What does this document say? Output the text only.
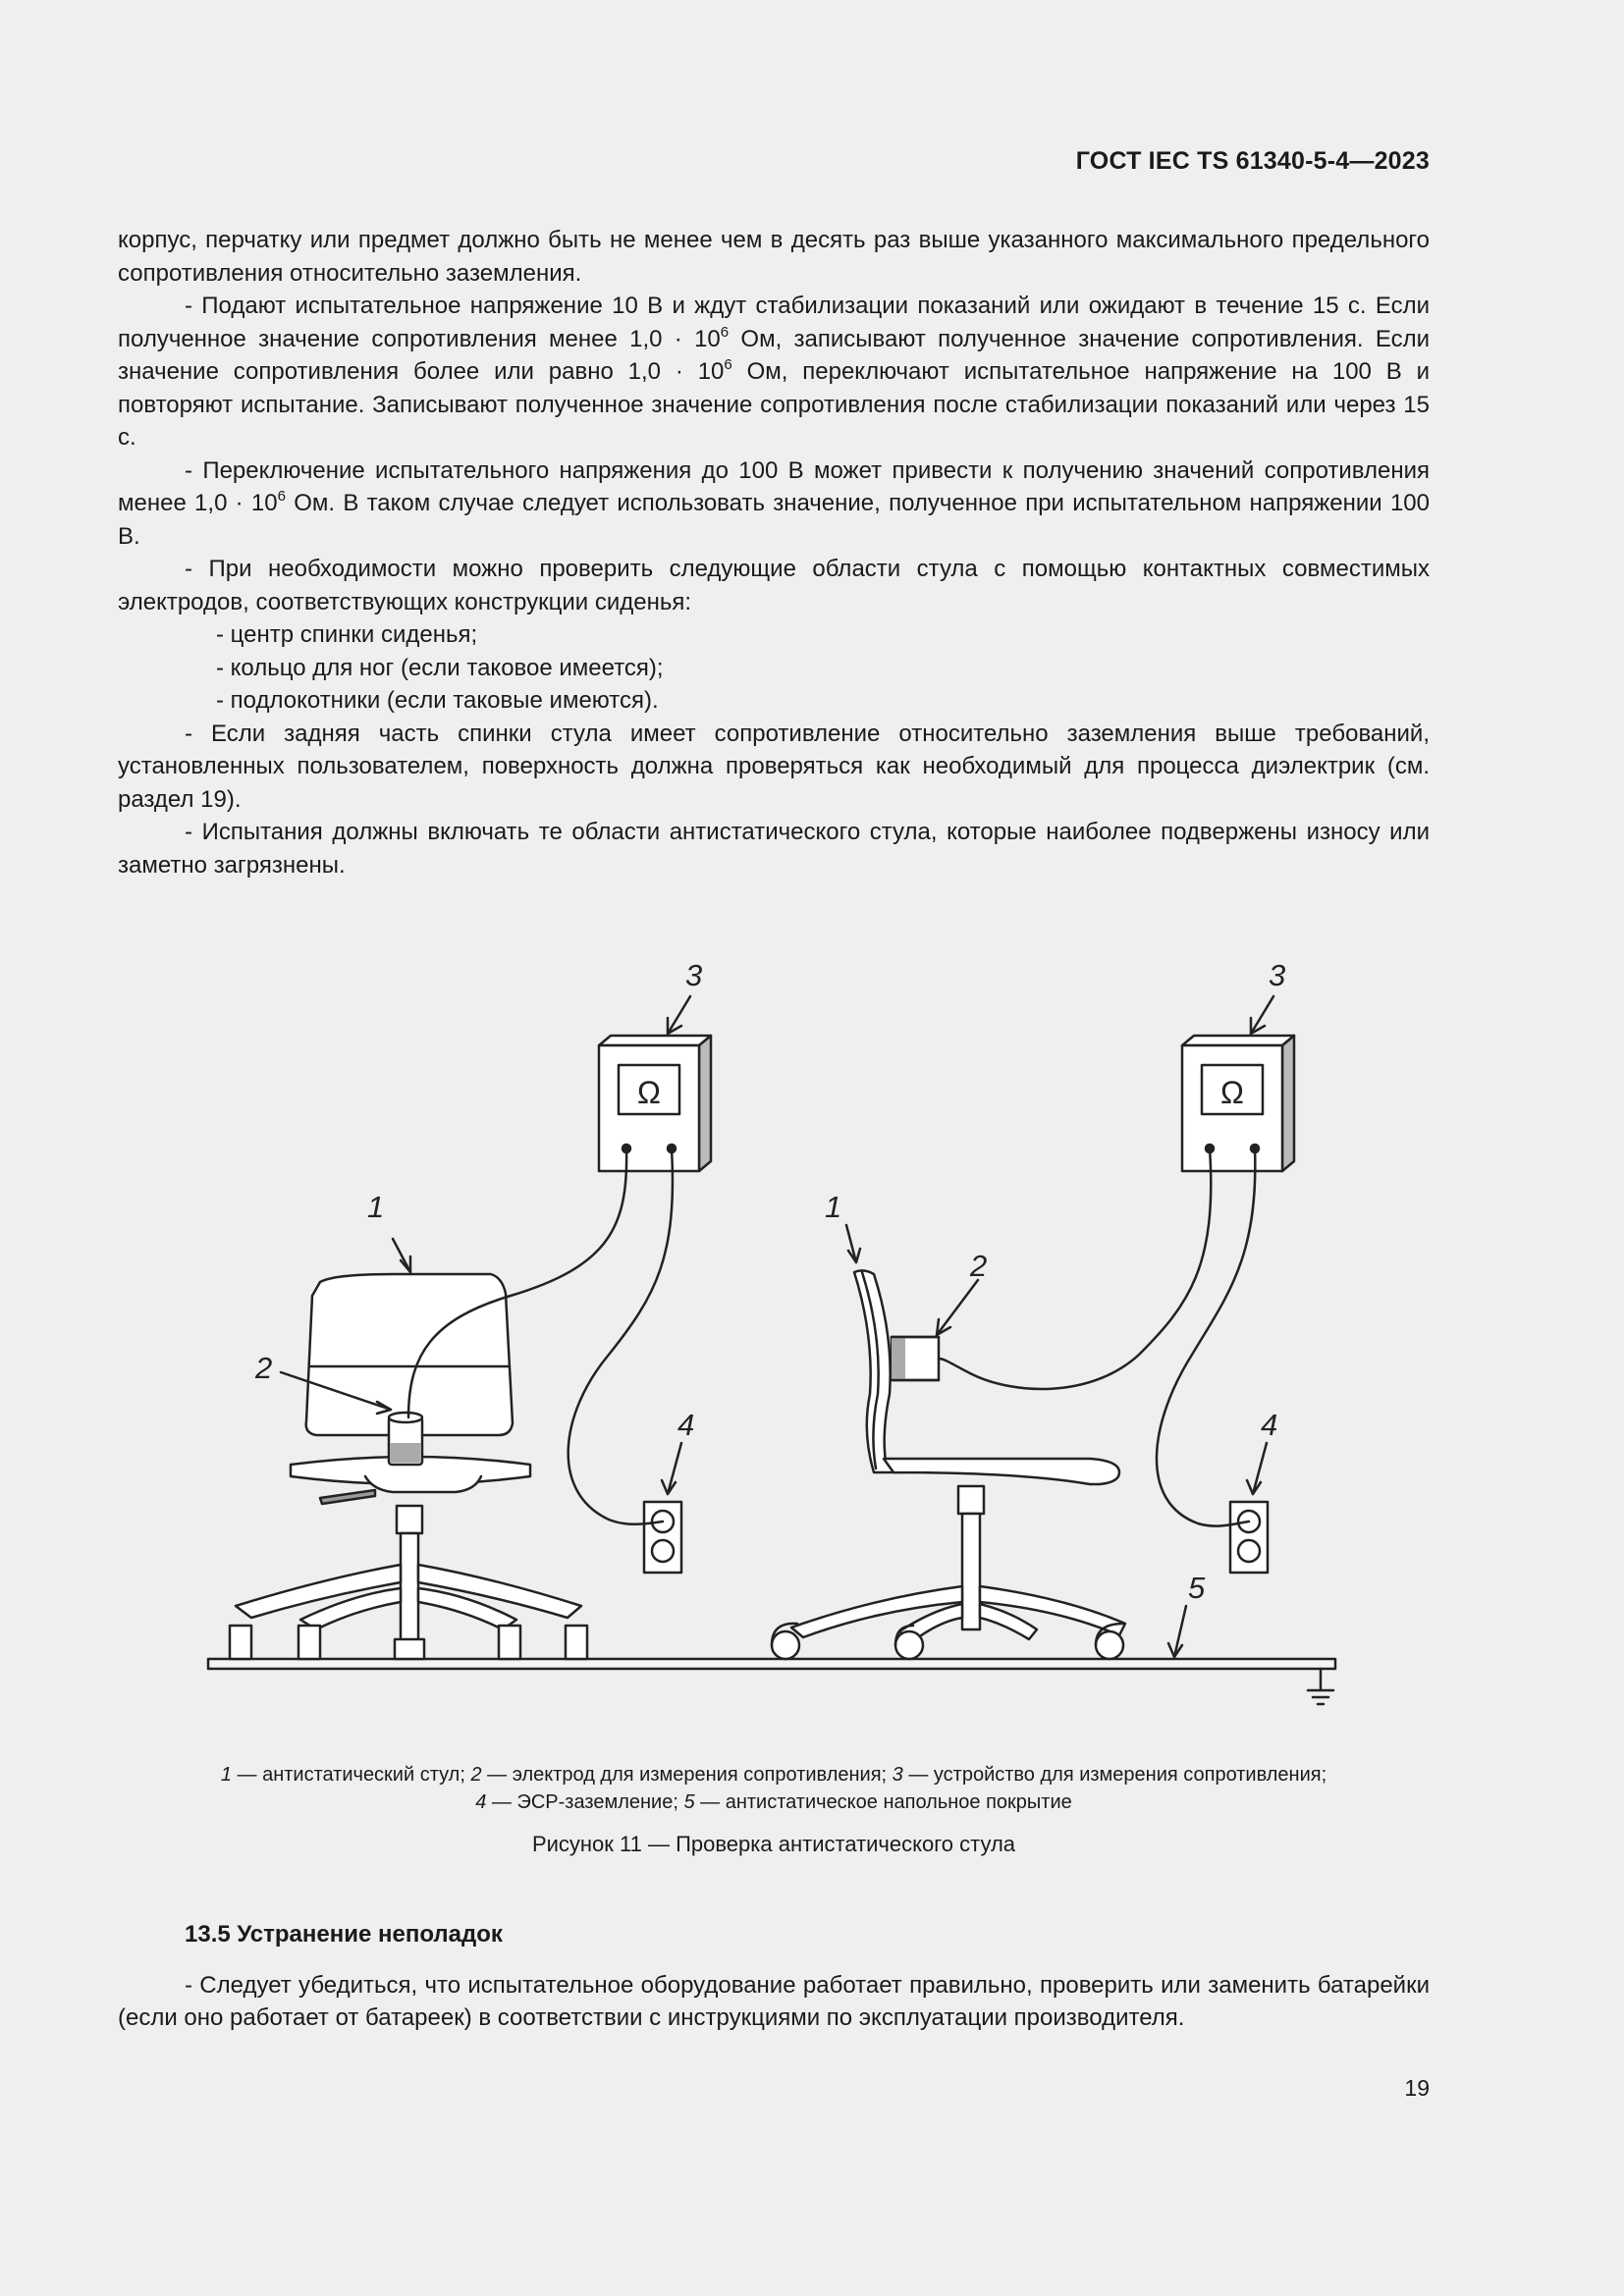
ГОСТ IEC TS 61340-5-4—2023

корпус, перчатку или предмет должно быть не менее чем в десять раз выше указанного максимального предельного сопротивления относительно заземления.

- Подают испытательное напряжение 10 В и ждут стабилизации показаний или ожидают в течение 15 с. Если полученное значение сопротивления менее $1,0 \cdot 10^6$ Ом, записывают полученное значение сопротивления. Если значение сопротивления более или равно $1,0 \cdot 10^6$ Ом, переключают испытательное напряжение на 100 В и повторяют испытание. Записывают полученное значение сопротивления после стабилизации показаний или через 15 с.

- Переключение испытательного напряжения до 100 В может привести к получению значений сопротивления менее $1,0 \cdot 10^6$ Ом. В таком случае следует использовать значение, полученное при испытательном напряжении 100 В.

- При необходимости можно проверить следующие области стула с помощью контактных совместимых электродов, соответствующих конструкции сиденья:

- центр спинки сиденья;

- кольцо для ног (если таковое имеется);

- подлокотники (если таковые имеются).

- Если задняя часть спинки стула имеет сопротивление относительно заземления выше требований, установленных пользователем, поверхность должна проверяться как необходимый для процесса диэлектрик (см. раздел 19).

- Испытания должны включать те области антистатического стула, которые наиболее подвержены износу или заметно загрязнены.

Ω	Ω
1
2
3
4
3
1
2
4
5
1 — антистатический стул; 2 — электрод для измерения сопротивления; 3 — устройство для измерения сопротивления;
4 — ЭСР-заземление; 5 — антистатическое напольное покрытие
Рисунок 11 — Проверка антистатического стула
13.5 Устранение неполадок

- Следует убедиться, что испытательное оборудование работает правильно, проверить или заменить батарейки (если оно работает от батареек) в соответствии с инструкциями по эксплуатации производителя.

19
